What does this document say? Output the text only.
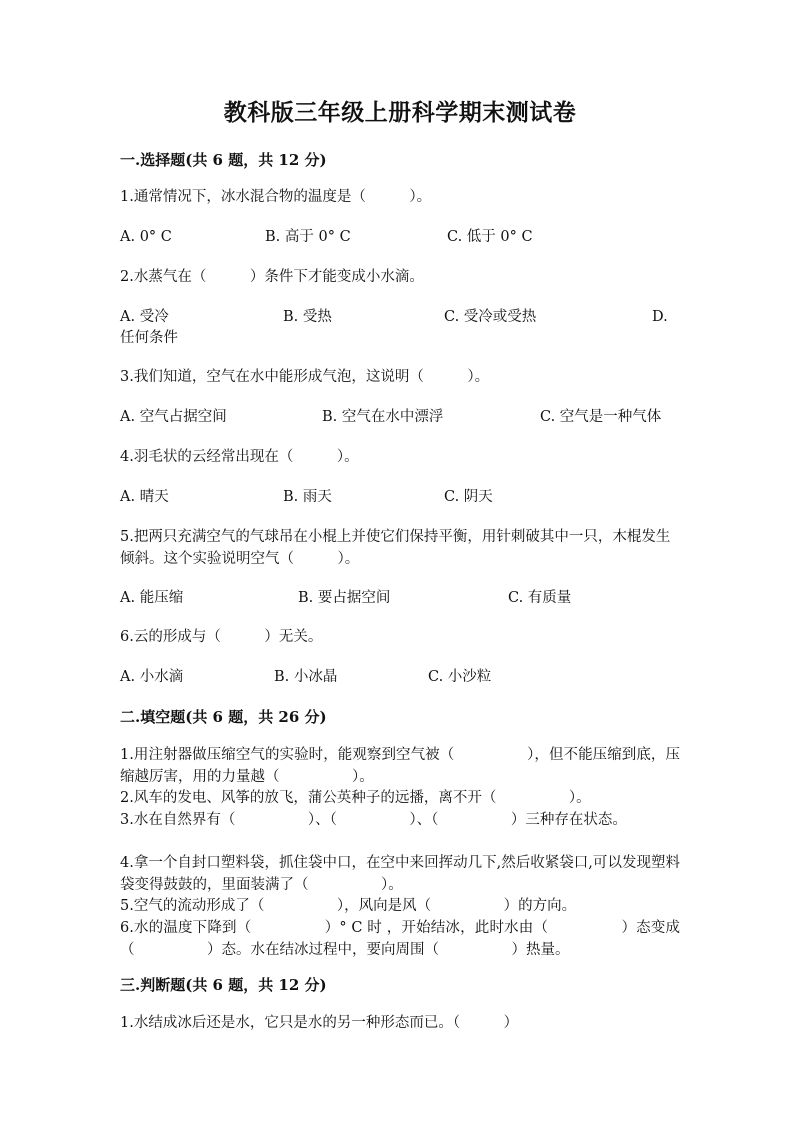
教科版三年级上册科学期末测试卷
一.选择题(共 6 题，共 12 分)
1.通常情况下，冰水混合物的温度是（　　　）。
A. 0° C	B. 高于 0° C	C. 低于 0° C
2.水蒸气在（　　　）条件下才能变成小水滴。
A. 受冷	B. 受热	C. 受冷或受热	D.
任何条件
3.我们知道，空气在水中能形成气泡，这说明（　　　）。
A. 空气占据空间	B. 空气在水中漂浮	C. 空气是一种气体
4.羽毛状的云经常出现在（　　　）。
A. 晴天	B. 雨天	C. 阴天
5.把两只充满空气的气球吊在小棍上并使它们保持平衡，用针刺破其中一只，木棍发生倾斜。这个实验说明空气（　　　）。
A. 能压缩	B. 要占据空间	C. 有质量
6.云的形成与（　　　）无关。
A. 小水滴	B. 小冰晶	C. 小沙粒
二.填空题(共 6 题，共 26 分)
1.用注射器做压缩空气的实验时，能观察到空气被（　　　　　），但不能压缩到底，压缩越厉害，用的力量越（　　　　　）。
2.风车的发电、风筝的放飞，蒲公英种子的远播，离不开（　　　　　）。
3.水在自然界有（　　　　　）、（　　　　　）、（　　　　　）三种存在状态。
4.拿一个自封口塑料袋，抓住袋中口，在空中来回挥动几下,然后收紧袋口,可以发现塑料袋变得鼓鼓的，里面装满了（　　　　　）。
5.空气的流动形成了（　　　　　），风向是风（　　　　　）的方向。
6.水的温度下降到（　　　　　）° C 时 ，开始结冰，此时水由（　　　　　）态变成（　　　　　）态。水在结冰过程中，要向周围（　　　　　）热量。
三.判断题(共 6 题，共 12 分)
1.水结成冰后还是水，它只是水的另一种形态而已。（　　　）
